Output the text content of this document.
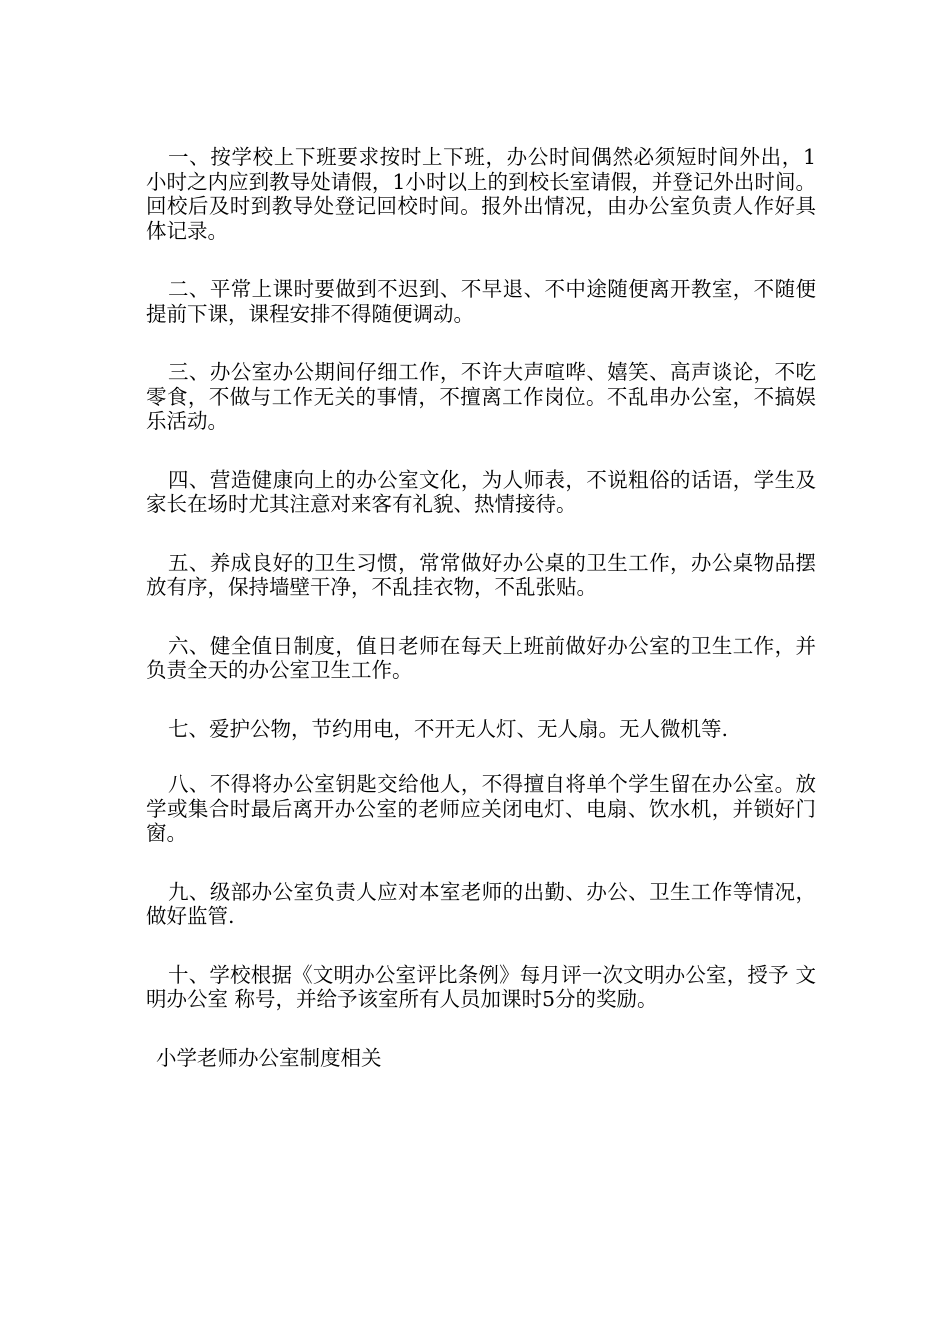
一、按学校上下班要求按时上下班，办公时间偶然必须短时间外出，1小时之内应到教导处请假，1小时以上的到校长室请假，并登记外出时间。回校后及时到教导处登记回校时间。报外出情况，由办公室负责人作好具体记录。

二、平常上课时要做到不迟到、不早退、不中途随便离开教室，不随便提前下课，课程安排不得随便调动。

三、办公室办公期间仔细工作，不许大声喧哗、嬉笑、高声谈论，不吃零食，不做与工作无关的事情，不擅离工作岗位。不乱串办公室，不搞娱乐活动。

四、营造健康向上的办公室文化，为人师表，不说粗俗的话语，学生及家长在场时尤其注意对来客有礼貌、热情接待。

五、养成良好的卫生习惯，常常做好办公桌的卫生工作，办公桌物品摆放有序，保持墙壁干净，不乱挂衣物，不乱张贴。

六、健全值日制度，值日老师在每天上班前做好办公室的卫生工作，并负责全天的办公室卫生工作。

七、爱护公物，节约用电，不开无人灯、无人扇。无人微机等.

八、不得将办公室钥匙交给他人，不得擅自将单个学生留在办公室。放学或集合时最后离开办公室的老师应关闭电灯、电扇、饮水机，并锁好门窗。

九、级部办公室负责人应对本室老师的出勤、办公、卫生工作等情况，做好监管.

十、学校根据《文明办公室评比条例》每月评一次文明办公室，授予 文明办公室 称号，并给予该室所有人员加课时5分的奖励。

小学老师办公室制度相关
